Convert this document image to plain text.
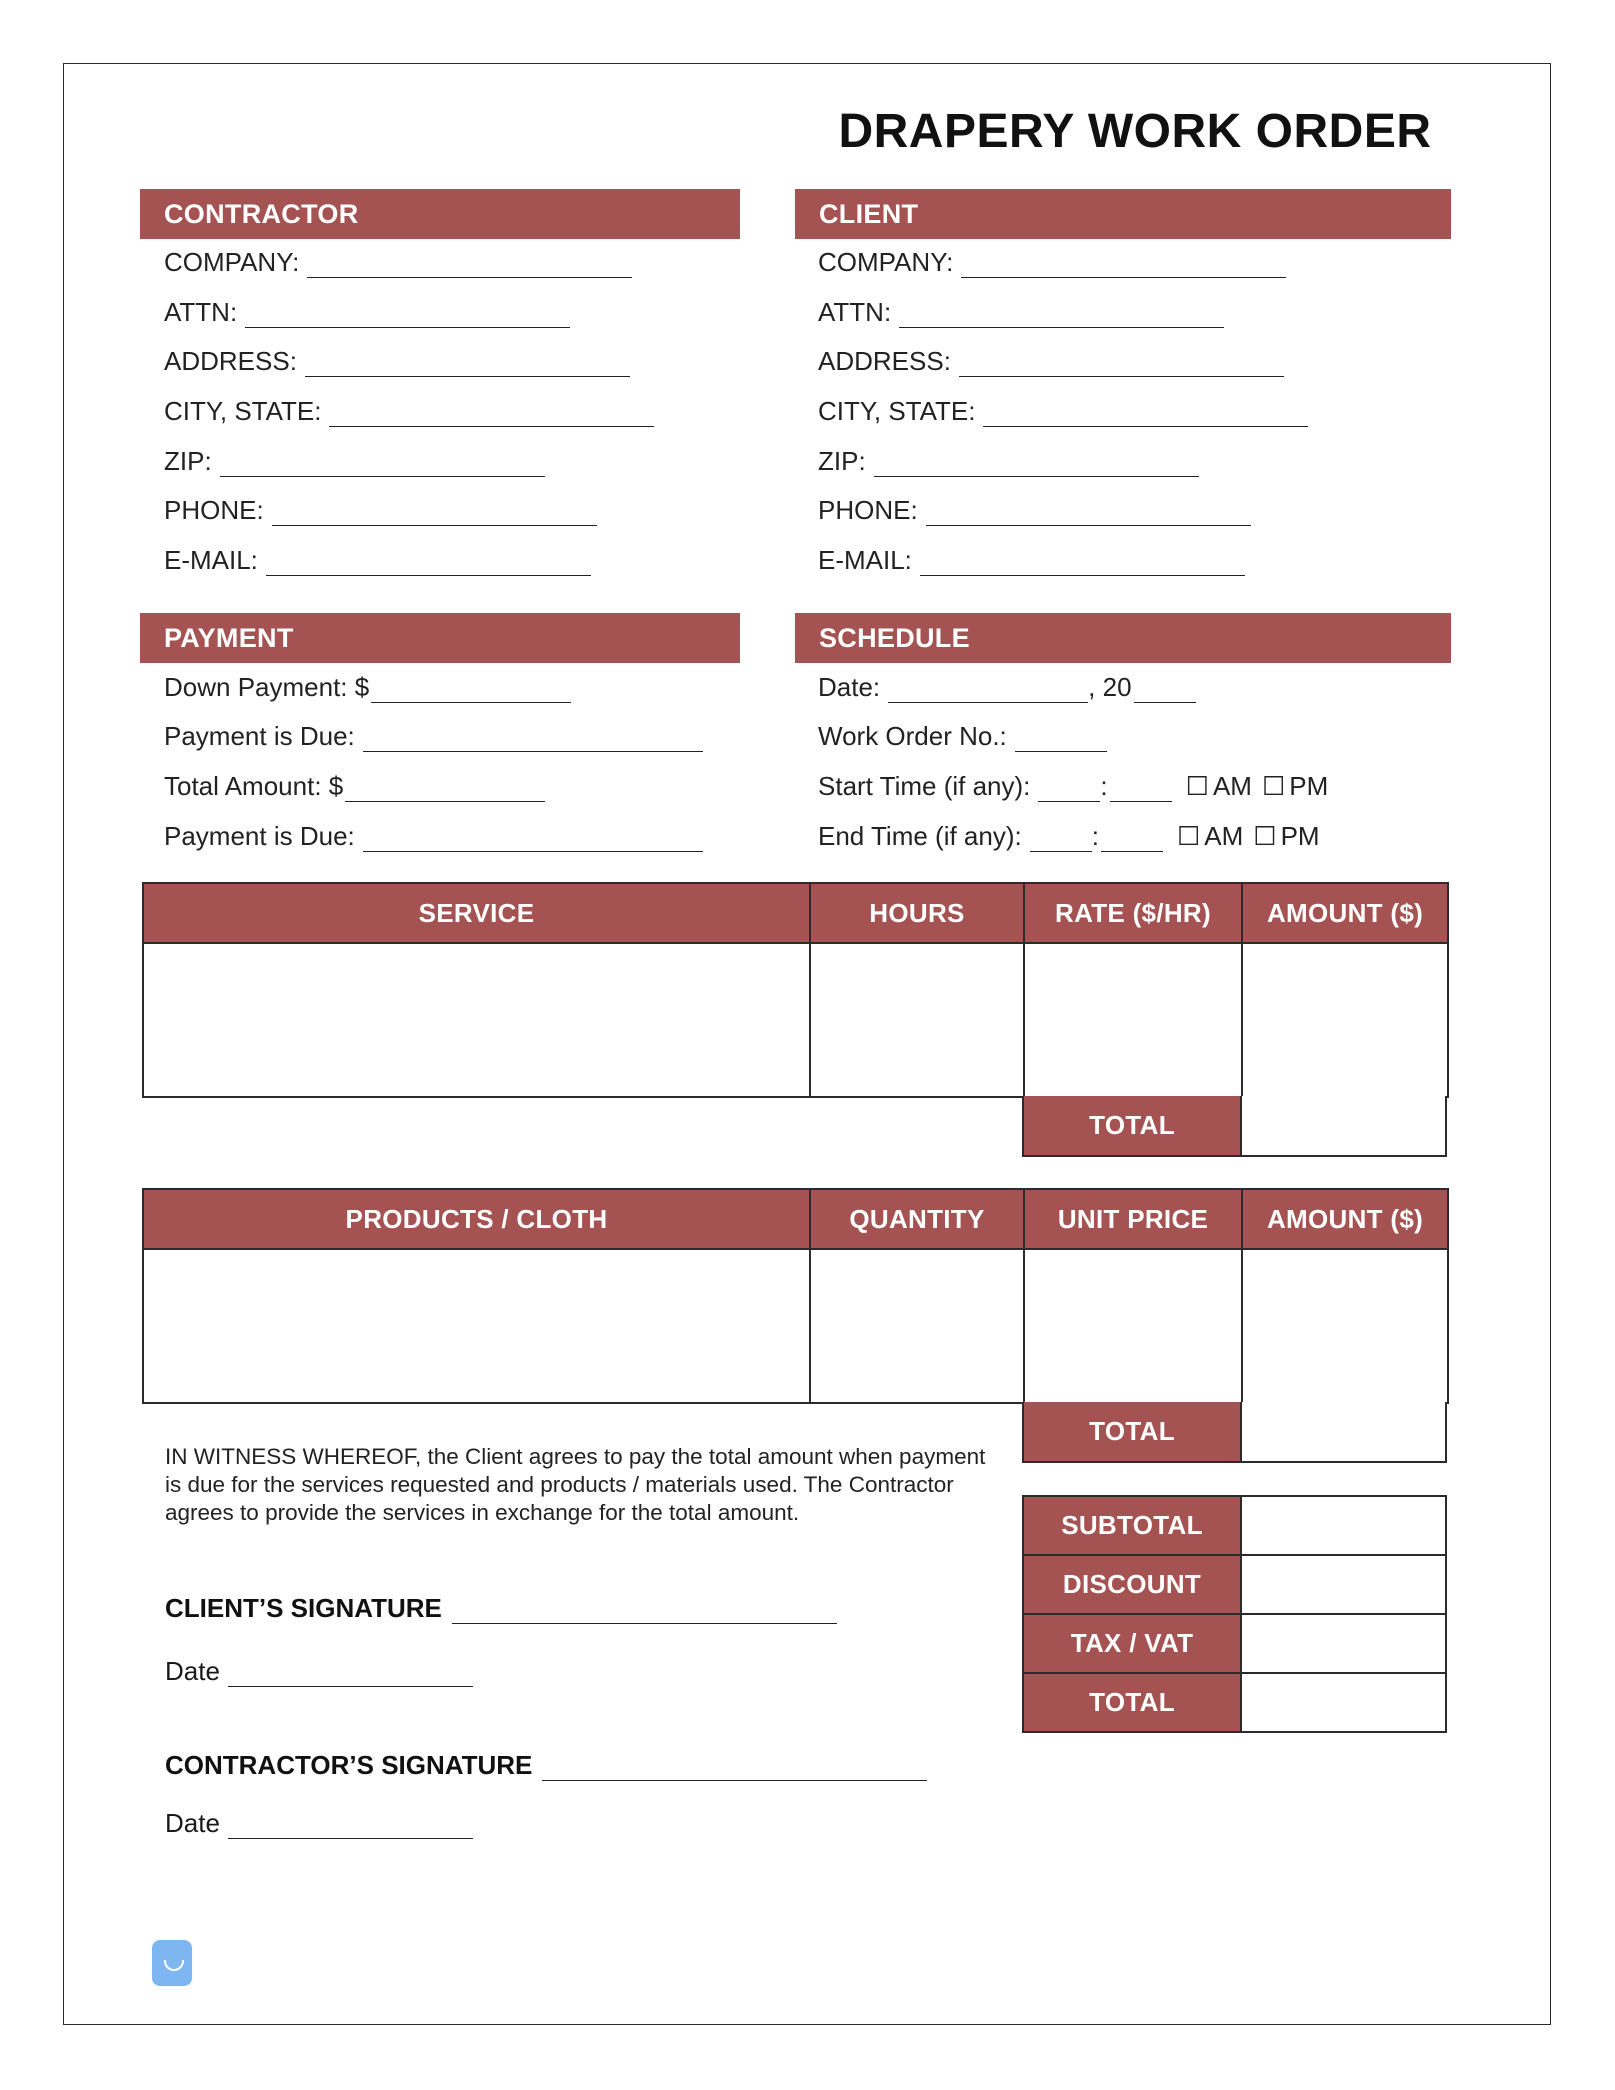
DRAPERY WORK ORDER
CONTRACTOR
COMPANY:
ATTN:
ADDRESS:
CITY, STATE:
ZIP:
PHONE:
E-MAIL:
CLIENT
COMPANY:
ATTN:
ADDRESS:
CITY, STATE:
ZIP:
PHONE:
E-MAIL:
PAYMENT
Down Payment: $
Payment is Due:
Total Amount: $
Payment is Due:
SCHEDULE
Date:	, 20
Work Order No.:
Start Time (if any):	:	☐ AM ☐ PM
End Time (if any):	:	☐ AM ☐ PM
SERVICE	HOURS	RATE ($/HR)	AMOUNT ($)

TOTAL
PRODUCTS / CLOTH	QUANTITY	UNIT PRICE	AMOUNT ($)

TOTAL
SUBTOTAL
DISCOUNT
TAX / VAT
TOTAL
IN WITNESS WHEREOF, the Client agrees to pay the total amount when payment is due for the services requested and products / materials used. The Contractor agrees to provide the services in exchange for the total amount.
CLIENT’S SIGNATURE
Date
CONTRACTOR’S SIGNATURE
Date
